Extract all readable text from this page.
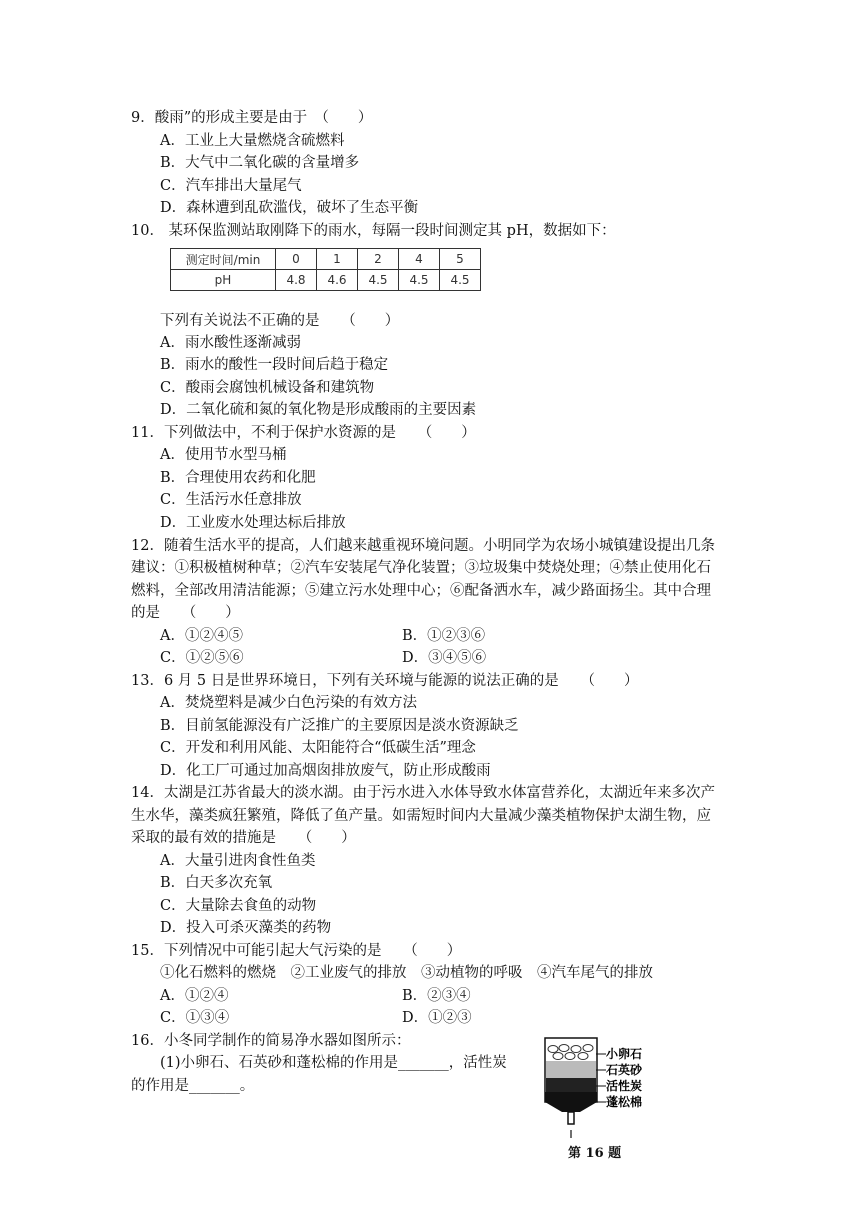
9．酸雨”的形成主要是由于　（　　）
A．工业上大量燃烧含硫燃料
B．大气中二氧化碳的含量增多
C．汽车排出大量尾气
D．森林遭到乱砍滥伐，破坏了生态平衡
10． 某环保监测站取刚降下的雨水，每隔一段时间测定其 pH，数据如下：
测定时间/min	0	1	2	4	5
pH	4.8	4.6	4.5	4.5	4.5
下列有关说法不正确的是　　（　　）
A．雨水酸性逐渐减弱
B．雨水的酸性一段时间后趋于稳定
C．酸雨会腐蚀机械设备和建筑物
D．二氧化硫和氮的氧化物是形成酸雨的主要因素
11．下列做法中，不利于保护水资源的是　　（　　）
A．使用节水型马桶
B．合理使用农药和化肥
C．生活污水任意排放
D．工业废水处理达标后排放
12．随着生活水平的提高，人们越来越重视环境问题。小明同学为农场小城镇建设提出几条
建议：①积极植树种草；②汽车安装尾气净化装置；③垃圾集中焚烧处理；④禁止使用化石
燃料，全部改用清洁能源；⑤建立污水处理中心；⑥配备洒水车，减少路面扬尘。其中合理
的是　　（　　）
A．①②④⑤	B．①②③⑥
C．①②⑤⑥	D．③④⑤⑥
13．6 月 5 日是世界环境日，下列有关环境与能源的说法正确的是　　（　　）
A．焚烧塑料是减少白色污染的有效方法
B．目前氢能源没有广泛推广的主要原因是淡水资源缺乏
C．开发和利用风能、太阳能符合“低碳生活”理念
D．化工厂可通过加高烟囱排放废气，防止形成酸雨
14．太湖是江苏省最大的淡水湖。由于污水进入水体导致水体富营养化，太湖近年来多次产
生水华，藻类疯狂繁殖，降低了鱼产量。如需短时间内大量减少藻类植物保护太湖生物，应
采取的最有效的措施是　　（　　）
A．大量引进肉食性鱼类
B．白天多次充氧
C．大量除去食鱼的动物
D．投入可杀灭藻类的药物
15．下列情况中可能引起大气污染的是　　（　　）
①化石燃料的燃烧　②工业废气的排放　③动植物的呼吸　④汽车尾气的排放
A．①②④	B．②③④
C．①③④	D．①②③
16．小冬同学制作的简易净水器如图所示：
(1)小卵石、石英砂和蓬松棉的作用是_______，活性炭
的作用是_______。
小卵石
石英砂
活性炭
蓬松棉
第 16 题
